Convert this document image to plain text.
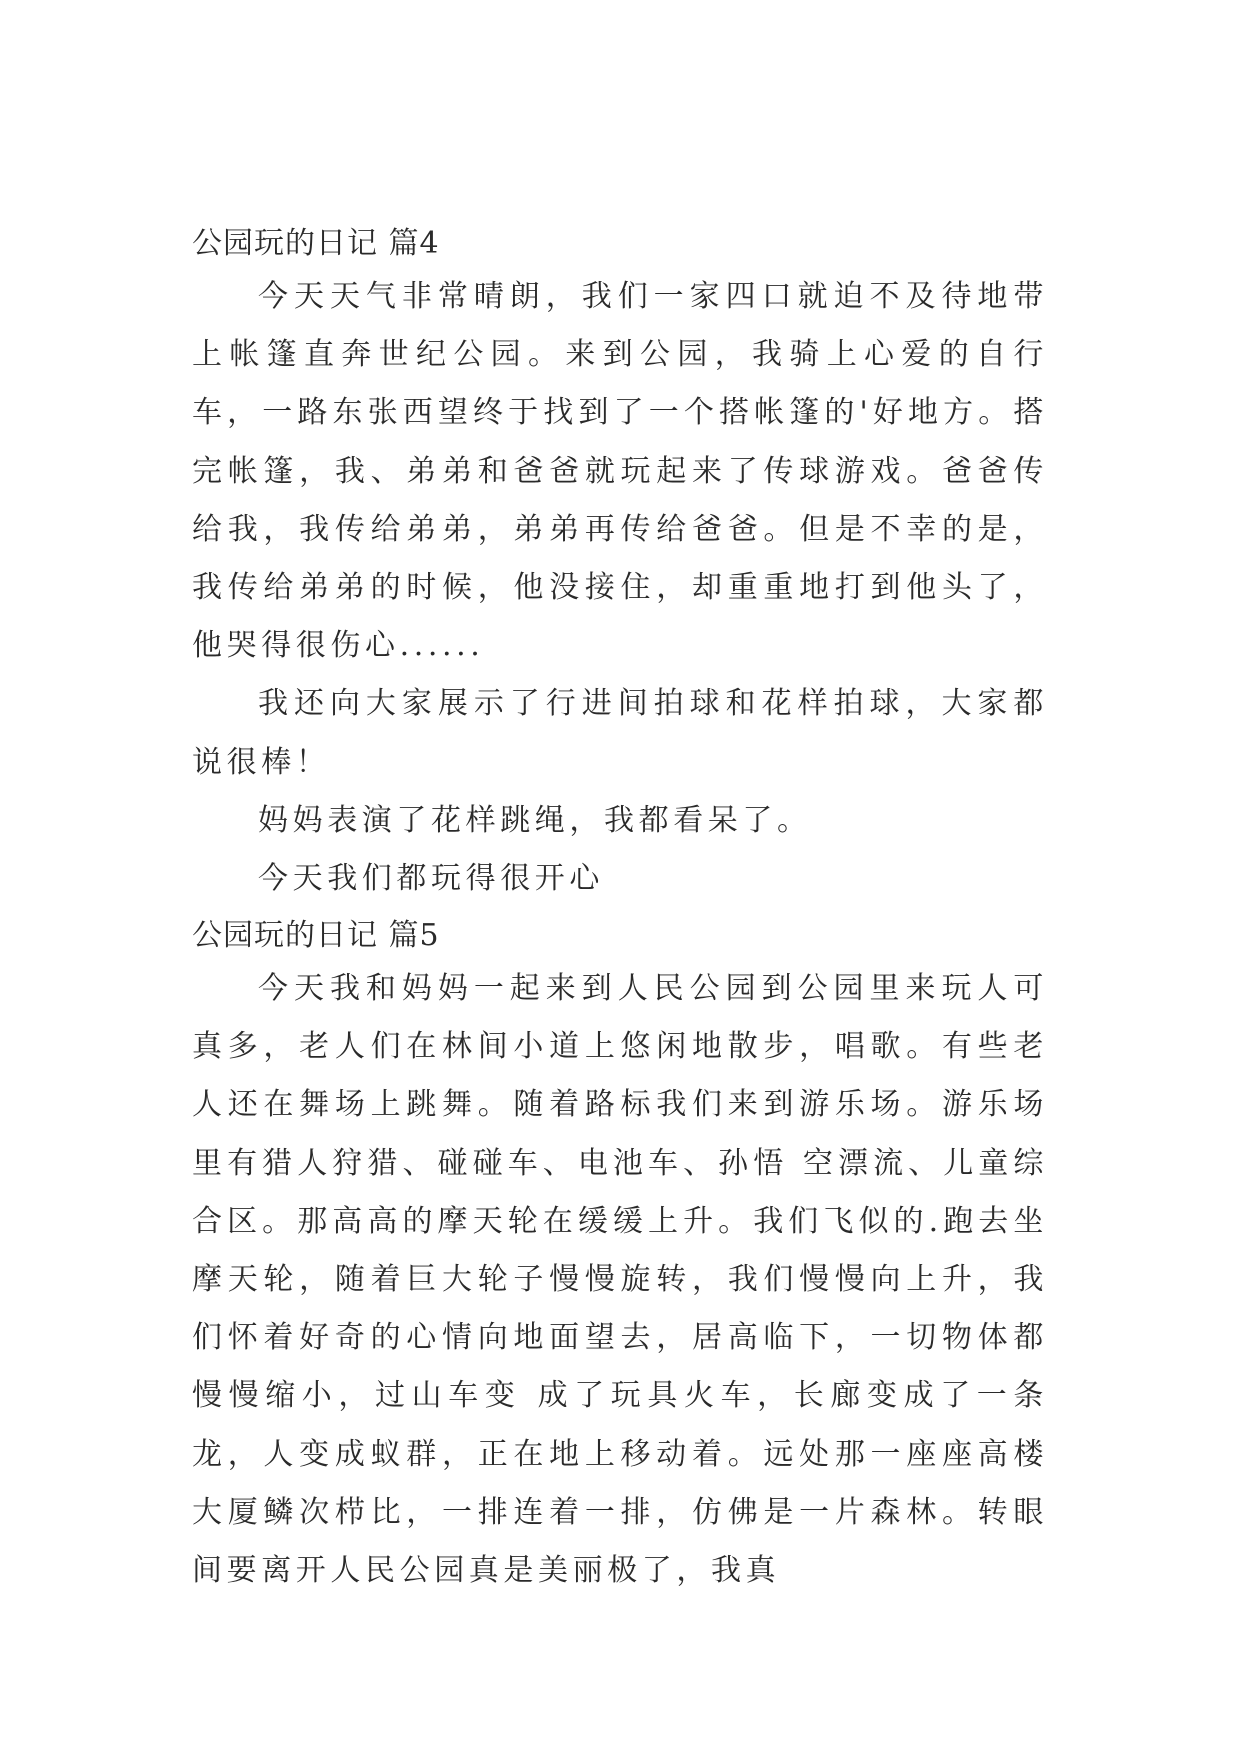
公园玩的日记 篇4

今天天气非常晴朗，我们一家四口就迫不及待地带上帐篷直奔世纪公园。来到公园，我骑上心爱的自行车，一路东张西望终于找到了一个搭帐篷的'好地方。搭完帐篷，我、弟弟和爸爸就玩起来了传球游戏。爸爸传给我，我传给弟弟，弟弟再传给爸爸。但是不幸的是，我传给弟弟的时候，他没接住，却重重地打到他头了，他哭得很伤心......

我还向大家展示了行进间拍球和花样拍球，大家都说很棒！

妈妈表演了花样跳绳，我都看呆了。

今天我们都玩得很开心

公园玩的日记 篇5

今天我和妈妈一起来到人民公园到公园里来玩人可真多，老人们在林间小道上悠闲地散步，唱歌。有些老人还在舞场上跳舞。随着路标我们来到游乐场。游乐场里有猎人狩猎、碰碰车、电池车、孙悟 空漂流、儿童综合区。那高高的摩天轮在缓缓上升。我们飞似的.跑去坐摩天轮，随着巨大轮子慢慢旋转，我们慢慢向上升，我们怀着好奇的心情向地面望去，居高临下，一切物体都慢慢缩小，过山车变 成了玩具火车，长廊变成了一条龙，人变成蚁群，正在地上移动着。远处那一座座高楼大厦鳞次栉比，一排连着一排，仿佛是一片森林。转眼间要离开人民公园真是美丽极了，我真
